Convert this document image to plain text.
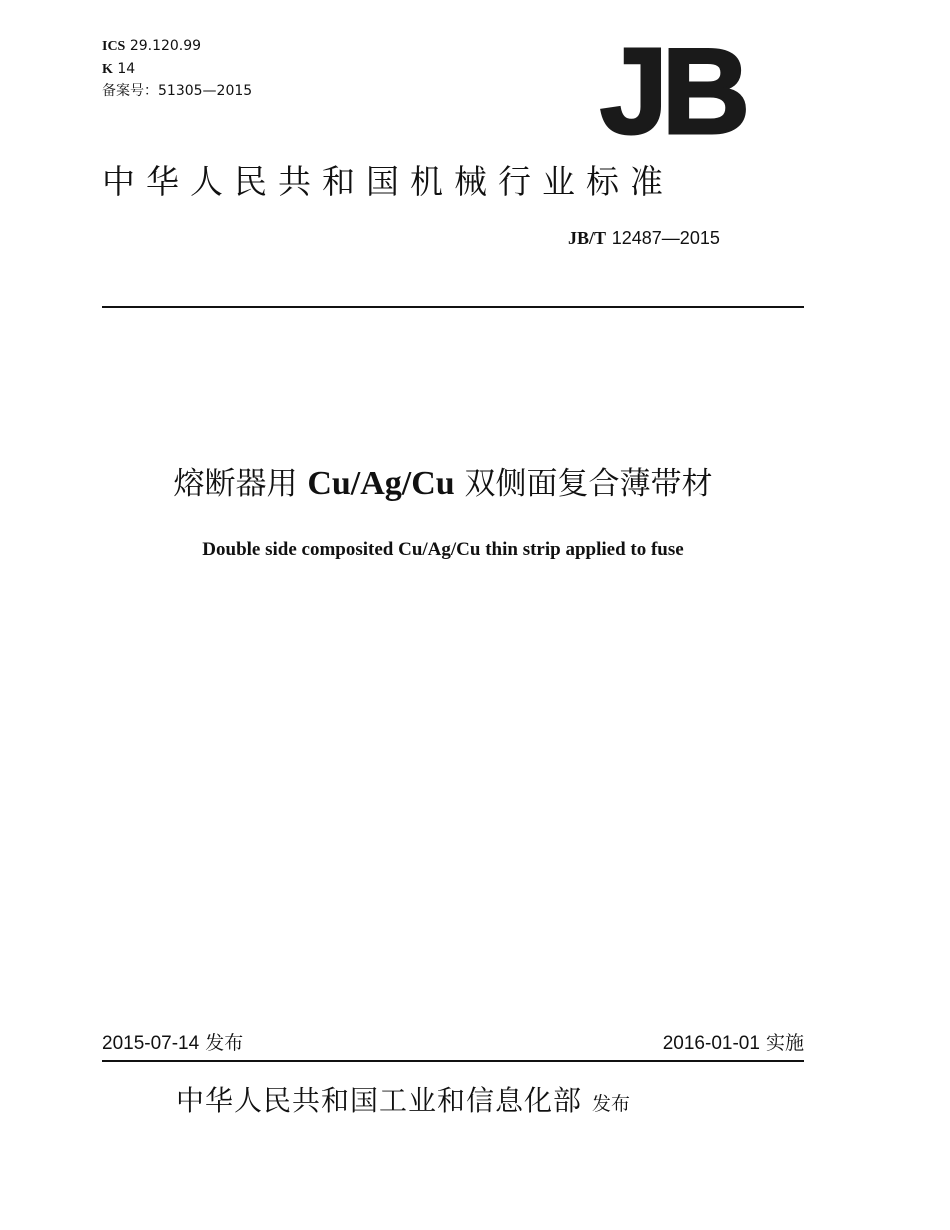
ICS 29.120.99
K 14
备案号：51305—2015	JB
中华人民共和国机械行业标准
JB/T 12487—2015
熔断器用 Cu/Ag/Cu 双侧面复合薄带材
Double side composited Cu/Ag/Cu thin strip applied to fuse
2015-07-14 发布	2016-01-01 实施
中华人民共和国工业和信息化部 发布
